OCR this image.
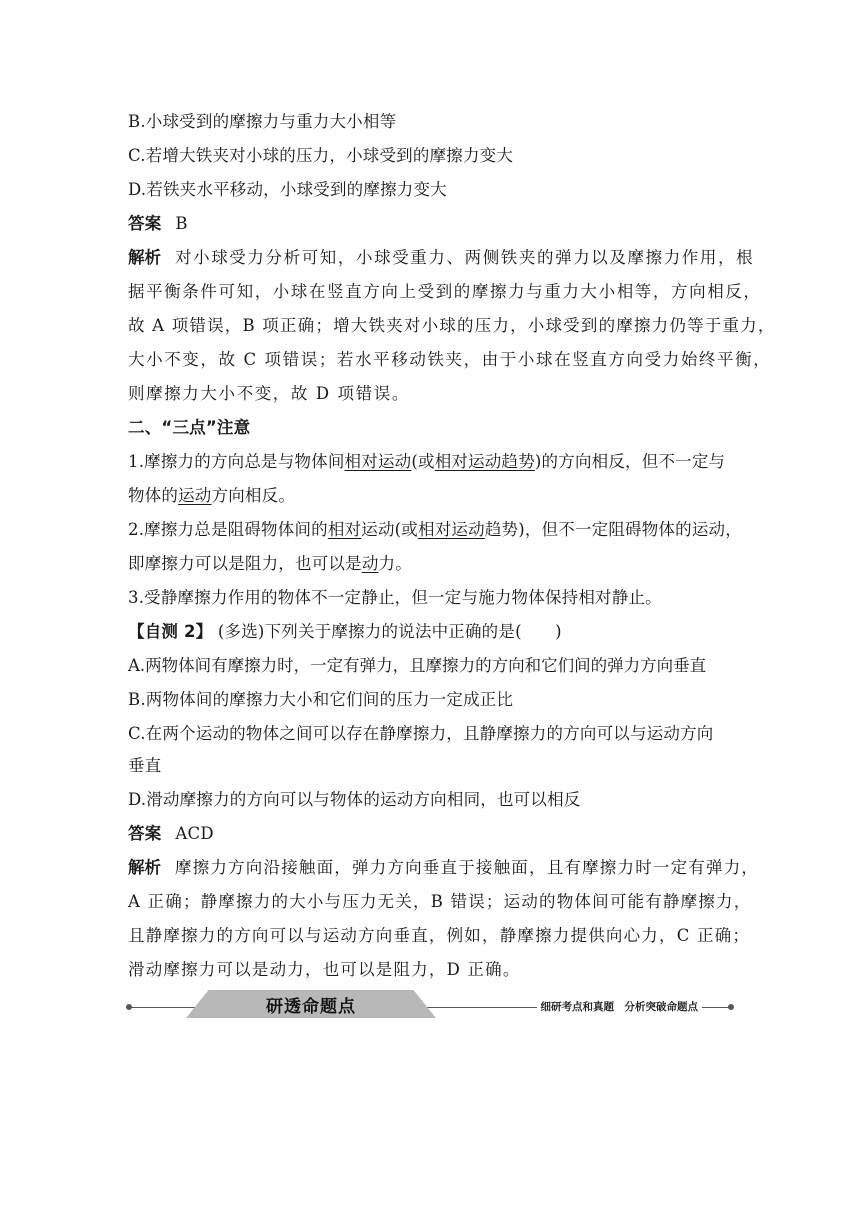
B.小球受到的摩擦力与重力大小相等
C.若增大铁夹对小球的压力，小球受到的摩擦力变大
D.若铁夹水平移动，小球受到的摩擦力变大
答案 B
解析 对小球受力分析可知，小球受重力、两侧铁夹的弹力以及摩擦力作用，根
据平衡条件可知，小球在竖直方向上受到的摩擦力与重力大小相等，方向相反，
故 A 项错误，B 项正确；增大铁夹对小球的压力，小球受到的摩擦力仍等于重力，
大小不变，故 C 项错误；若水平移动铁夹，由于小球在竖直方向受力始终平衡，
则摩擦力大小不变，故 D 项错误。
二、“三点”注意
1.摩擦力的方向总是与物体间相对运动(或相对运动趋势)的方向相反，但不一定与
物体的运动方向相反。
2.摩擦力总是阻碍物体间的相对运动(或相对运动趋势)，但不一定阻碍物体的运动，
即摩擦力可以是阻力，也可以是动力。
3.受静摩擦力作用的物体不一定静止，但一定与施力物体保持相对静止。
【自测 2】 (多选)下列关于摩擦力的说法中正确的是(　　)
A.两物体间有摩擦力时，一定有弹力，且摩擦力的方向和它们间的弹力方向垂直
B.两物体间的摩擦力大小和它们间的压力一定成正比
C.在两个运动的物体之间可以存在静摩擦力，且静摩擦力的方向可以与运动方向
垂直
D.滑动摩擦力的方向可以与物体的运动方向相同，也可以相反
答案 ACD
解析 摩擦力方向沿接触面，弹力方向垂直于接触面，且有摩擦力时一定有弹力，
A 正确；静摩擦力的大小与压力无关，B 错误；运动的物体间可能有静摩擦力，
且静摩擦力的方向可以与运动方向垂直，例如，静摩擦力提供向心力，C 正确；
滑动摩擦力可以是动力，也可以是阻力，D 正确。
研透命题点	细研考点和真题　分析突破命题点
